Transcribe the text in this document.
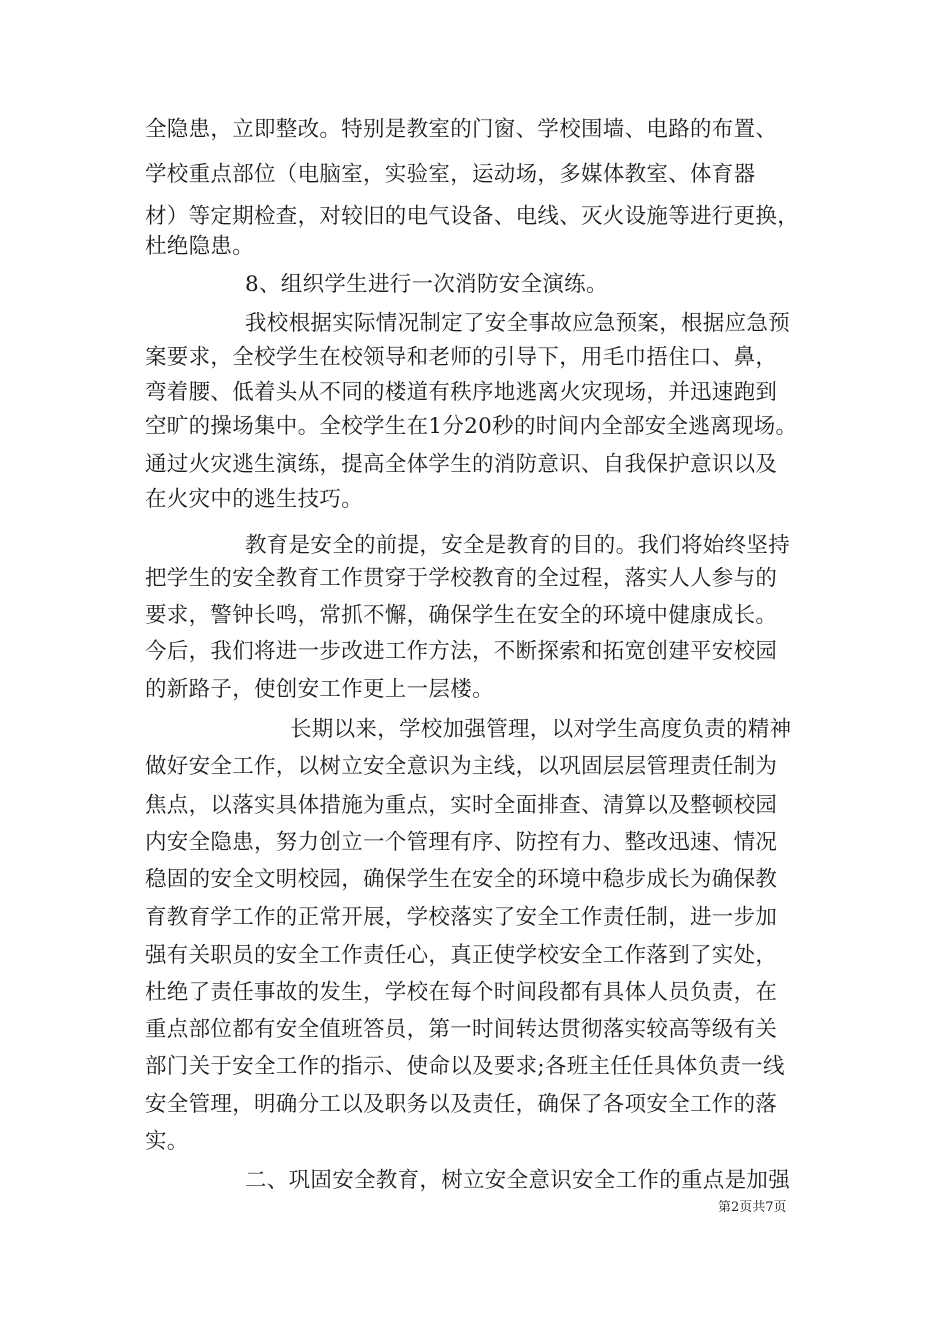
全隐患，立即整改。特别是教室的门窗、学校围墙、电路的布置、
学校重点部位（电脑室，实验室，运动场，多媒体教室、体育器
材）等定期检查，对较旧的电气设备、电线、灭火设施等进行更换，
杜绝隐患。
8、组织学生进行一次消防安全演练。
我校根据实际情况制定了安全事故应急预案，根据应急预
案要求，全校学生在校领导和老师的引导下，用毛巾捂住口、鼻，
弯着腰、低着头从不同的楼道有秩序地逃离火灾现场，并迅速跑到
空旷的操场集中。全校学生在1分20秒的时间内全部安全逃离现场。
通过火灾逃生演练，提高全体学生的消防意识、自我保护意识以及
在火灾中的逃生技巧。
教育是安全的前提，安全是教育的目的。我们将始终坚持
把学生的安全教育工作贯穿于学校教育的全过程，落实人人参与的
要求，警钟长鸣，常抓不懈，确保学生在安全的环境中健康成长。
今后，我们将进一步改进工作方法，不断探索和拓宽创建平安校园
的新路子，使创安工作更上一层楼。
长期以来，学校加强管理，以对学生高度负责的精神
做好安全工作，以树立安全意识为主线，以巩固层层管理责任制为
焦点，以落实具体措施为重点，实时全面排查、清算以及整顿校园
内安全隐患，努力创立一个管理有序、防控有力、整改迅速、情况
稳固的安全文明校园，确保学生在安全的环境中稳步成长为确保教
育教育学工作的正常开展，学校落实了安全工作责任制，进一步加
强有关职员的安全工作责任心，真正使学校安全工作落到了实处，
杜绝了责任事故的发生，学校在每个时间段都有具体人员负责，在
重点部位都有安全值班答员，第一时间转达贯彻落实较高等级有关
部门关于安全工作的指示、使命以及要求;各班主任任具体负责一线
安全管理，明确分工以及职务以及责任，确保了各项安全工作的落
实。
二、巩固安全教育，树立安全意识安全工作的重点是加强
第2页共7页
